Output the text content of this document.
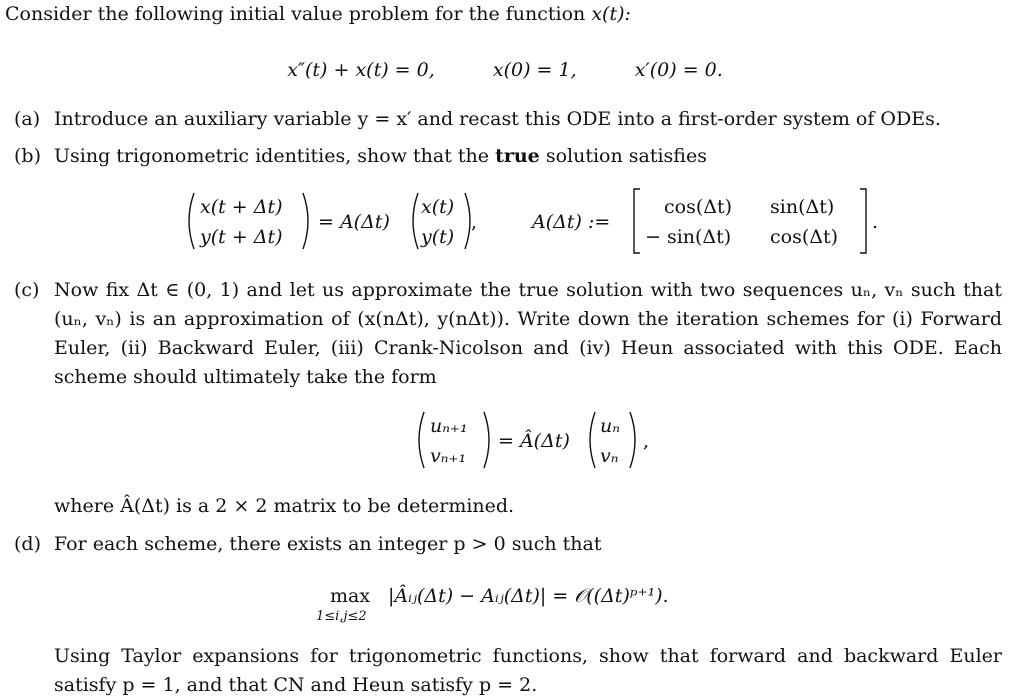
Consider the following initial value problem for the function x(t):
x″(t) + x(t) = 0,	x(0) = 1,	x′(0) = 0.
(a) Introduce an auxiliary variable y = x′ and recast this ODE into a first-order system of ODEs.
(b) Using trigonometric identities, show that the true solution satisfies
x(t + Δt)
y(t + Δt)
= A(Δt)
x(t)
y(t)
,	A(Δt) :=
cos(Δt) sin(Δt)
− sin(Δt) cos(Δt)
.
(c) Now fix Δt ∈ (0, 1) and let us approximate the true solution with two sequences uₙ, vₙ such that (uₙ, vₙ) is an approximation of (x(nΔt), y(nΔt)). Write down the iteration schemes for (i) Forward Euler, (ii) Backward Euler, (iii) Crank-Nicolson and (iv) Heun associated with this ODE. Each scheme should ultimately take the form
uₙ₊₁
vₙ₊₁
= Â(Δt)
uₙ
vₙ
,
where Â(Δt) is a 2 × 2 matrix to be determined.
(d) For each scheme, there exists an integer p > 0 such that
max
1≤i,j≤2
|Âᵢⱼ(Δt) − Aᵢⱼ(Δt)| = 𝒪((Δt)ᵖ⁺¹).
Using Taylor expansions for trigonometric functions, show that forward and backward Euler satisfy p = 1, and that CN and Heun satisfy p = 2.
